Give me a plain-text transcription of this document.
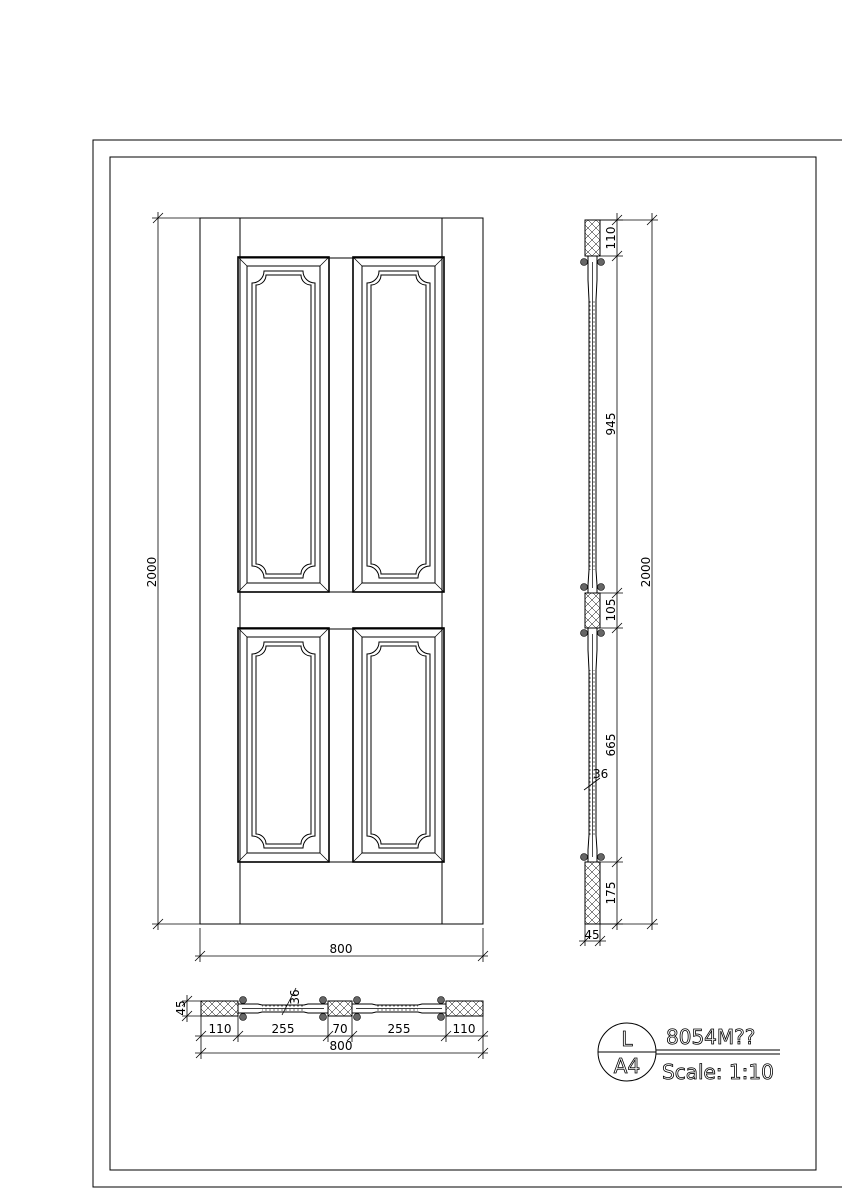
2000
800
110
945
105
665
175
2000
36
45
45
36
110	255	70	255	110
800	L
A4
8054M??
Scale: 1:10
